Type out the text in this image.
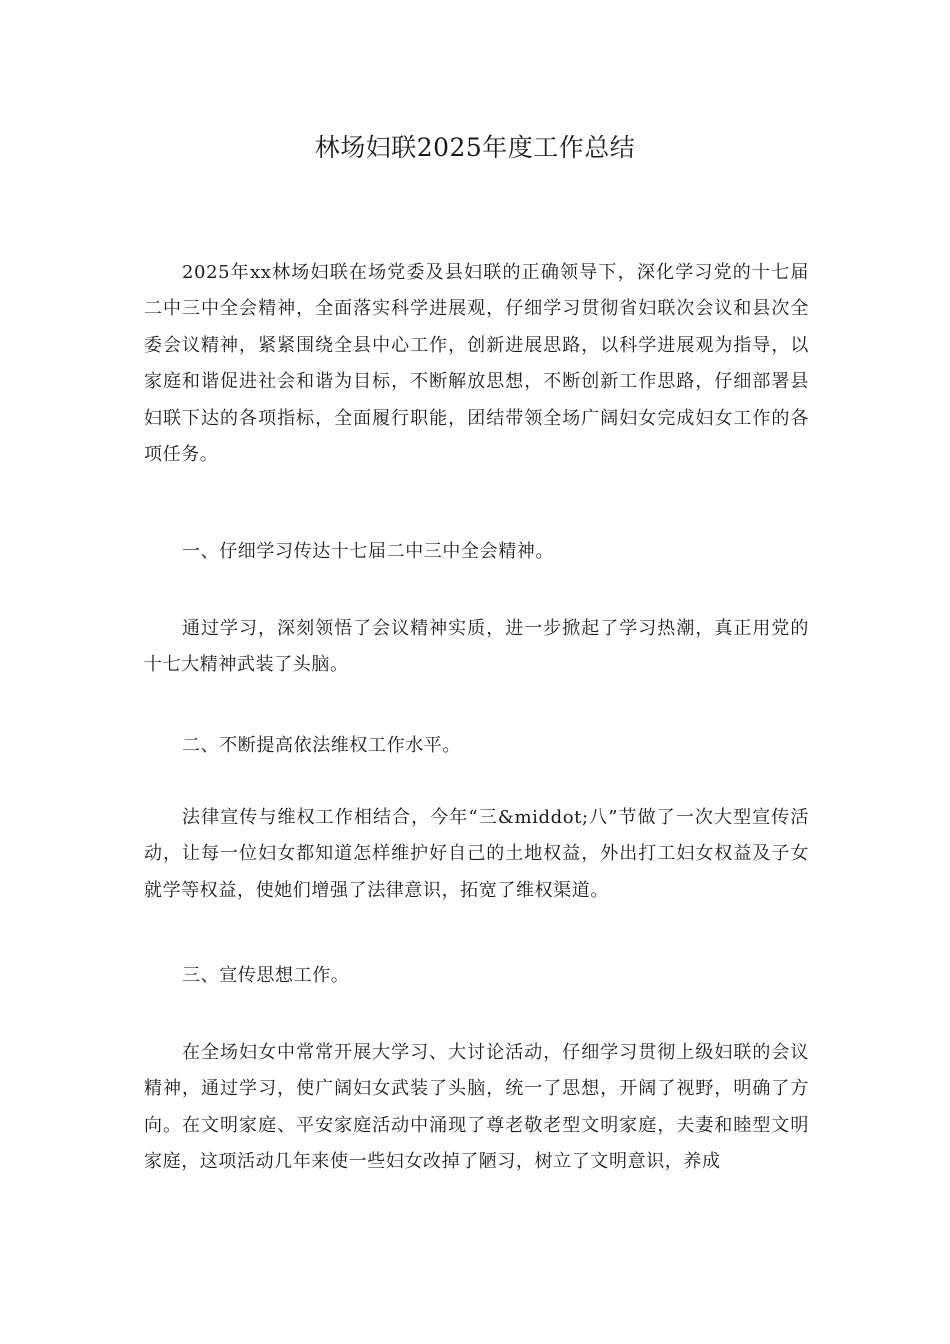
林场妇联2025年度工作总结

2025年xx林场妇联在场党委及县妇联的正确领导下，深化学习党的十七届二中三中全会精神，全面落实科学进展观，仔细学习贯彻省妇联次会议和县次全委会议精神，紧紧围绕全县中心工作，创新进展思路，以科学进展观为指导，以家庭和谐促进社会和谐为目标，不断解放思想，不断创新工作思路，仔细部署县妇联下达的各项指标，全面履行职能，团结带领全场广阔妇女完成妇女工作的各项任务。

一、仔细学习传达十七届二中三中全会精神。

通过学习，深刻领悟了会议精神实质，进一步掀起了学习热潮，真正用党的十七大精神武装了头脑。

二、不断提高依法维权工作水平。

法律宣传与维权工作相结合，今年“三&middot;八”节做了一次大型宣传活动，让每一位妇女都知道怎样维护好自己的土地权益，外出打工妇女权益及子女就学等权益，使她们增强了法律意识，拓宽了维权渠道。

三、宣传思想工作。

在全场妇女中常常开展大学习、大讨论活动，仔细学习贯彻上级妇联的会议精神，通过学习，使广阔妇女武装了头脑，统一了思想，开阔了视野，明确了方向。在文明家庭、平安家庭活动中涌现了尊老敬老型文明家庭，夫妻和睦型文明家庭，这项活动几年来使一些妇女改掉了陋习，树立了文明意识，养成
